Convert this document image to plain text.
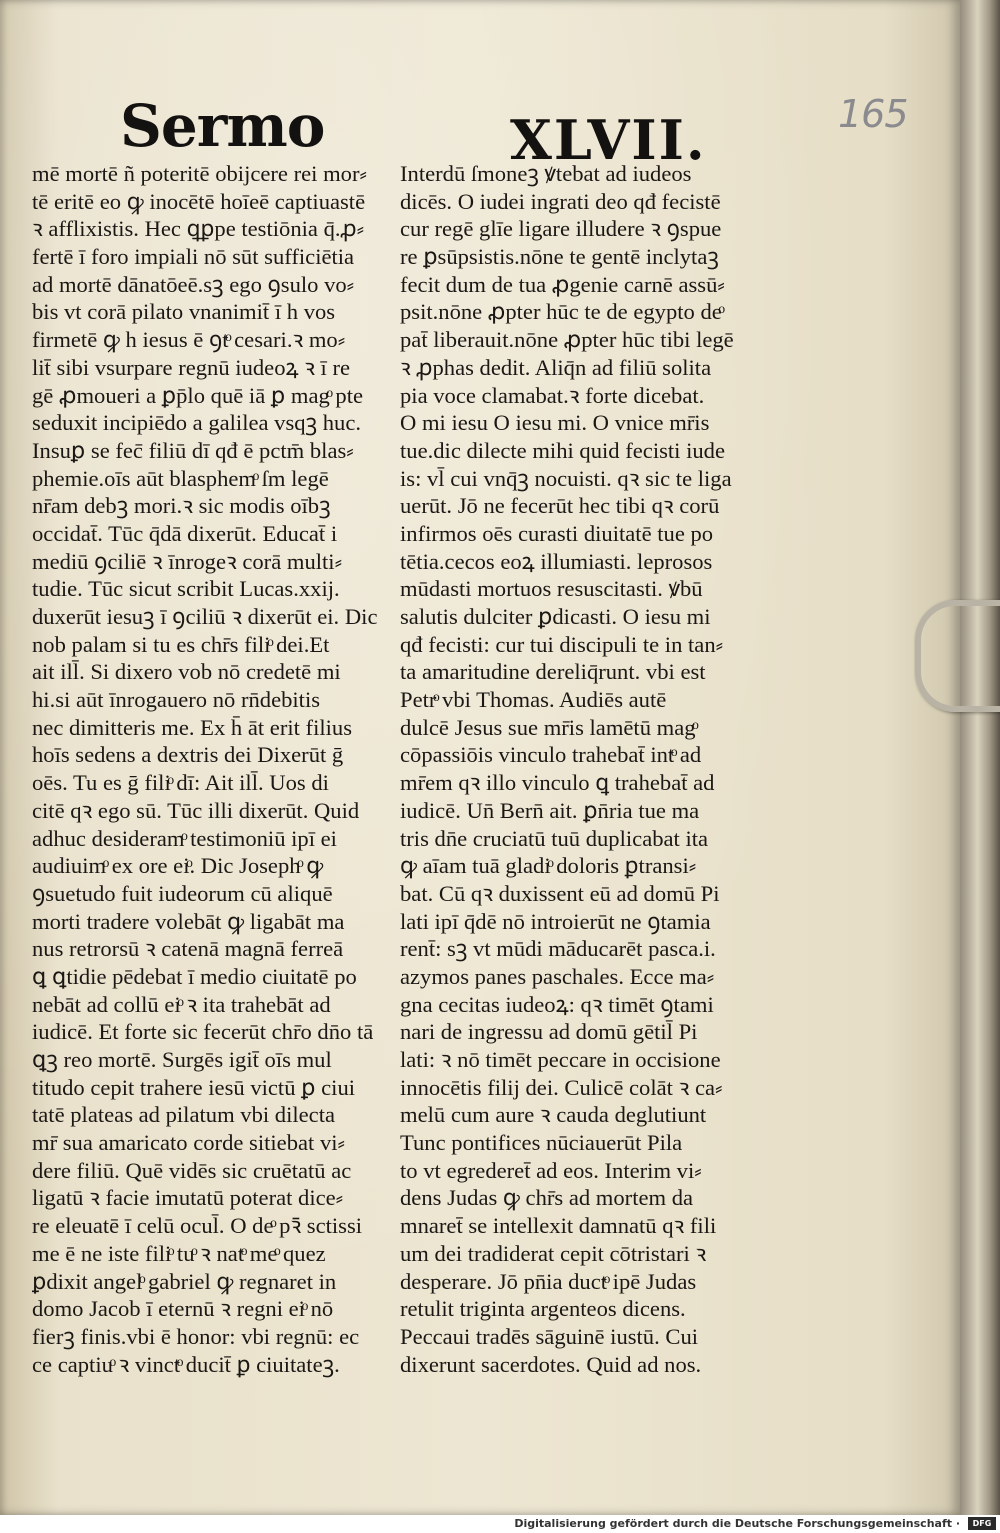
165
Sermo	XLVII.
mē mortē ñ poteritē obijcere rei mor⸗
tē eritē eo ꝙ inocētē hoīeē captiuastē
ꝛ afflixistis. Hec ꝗꝑpe testiōnia q̄.ꝓ⸗
fertē ī foro impiali nō sūt sufficiētia
ad mortē dānatōeē.sꝫ ego ꝯsulo vo⸗
bis vt corā pilato vnanimit̄ ī h vos
firmetē ꝙ h iesus ē ꝯtͦ cesari.ꝛ mo⸗
lit̄ sibi vsurpare regnū iudeoꝝ ꝛ ī re
gē ꝓmoueri a ꝑp̄lo quē iā ꝑ magͦ pte
seduxit incipiēdo a galilea vsqꝫ huc.
Insuꝑ se fec̄ filiū dī qđ ē pctm̄ blas⸗
phemie.oīs aūt blasphemͦ ſm legē
nr̄am debꝫ mori.ꝛ sic modis oībꝫ
occidat̄. Tūc q̄dā dixerūt. Educat̄ i
mediū ꝯciliē ꝛ īnrogeꝛ corā multi⸗
tudie. Tūc sicut scribit Lucas.xxij.
duxerūt iesuꝫ ī ꝯciliū ꝛ dixerūt ei. Dic
nob palam si tu es chr̄s filiͦ dei.Et
ait ill̄. Si dixero vob nō credetē mi
hi.si aūt īnrogauero nō rn̄debitis
nec dimitteris me. Ex h̄ āt erit filius
hoīs sedens a dextris dei Dixerūt ḡ
oēs. Tu es ḡ filiͦ dī: Ait ill̄. Uos di
citē qꝛ ego sū. Tūc illi dixerūt. Quid
adhuc desideramͦ testimoniū ipī ei
audiuimͦ ex ore eiͦ. Dic Josephͦ ꝙ
ꝯsuetudo fuit iudeorum cū aliquē
morti tradere volebāt ꝙ ligabāt ma
nus retrorsū ꝛ catenā magnā ferreā
ꝗ ꝗtidie pēdebat ī medio ciuitatē po
nebāt ad collū eiͦ ꝛ ita trahebāt ad
iudicē. Et forte sic fecerūt chr̄o dn̄o tā
ꝗꝫ reo mortē. Surgēs igit̄ oīs mul
titudo cepit trahere iesū victū ꝑ ciui
tatē plateas ad pilatum vbi dilecta
mr̄ sua amaricato corde sitiebat vi⸗
dere filiū. Quē vidēs sic cruētatū ac
ligatū ꝛ facie imutatū poterat dice⸗
re eleuatē ī celū ocul̄. O deͦ pꝛ̄ sctissi
me ē ne iste filiͦ tuͦ ꝛ natͦ meͦ quez
ꝑdixit angelͦ gabriel ꝙ regnaret in
domo Jacob ī eternū ꝛ regni eiͦ nō
fierꝫ finis.vbi ē honor: vbi regnū: ec
ce captiuͦ ꝛ vinctͦ ducit̄ ꝑ ciuitateꝫ.
Interdū ſmoneꝫ ꝟtebat ad iudeos
dicēs. O iudei ingrati deo qđ fecistē
cur regē glīe ligare illudere ꝛ ꝯspue
re ꝑsūpsistis.nōne te gentē inclytaꝫ
fecit dum de tua ꝓgenie carnē assū⸗
psit.nōne ꝓpter hūc te de egypto deͦ
pat̄ liberauit.nōne ꝓpter hūc tibi legē
ꝛ ꝓphas dedit. Aliq̄n ad filiū solita
pia voce clamabat.ꝛ forte dicebat.
O mi iesu O iesu mi. O vnice mr̄is
tue.dic dilecte mihi quid fecisti iude
is: vl̄ cui vnq̄ꝫ nocuisti. qꝛ sic te liga
uerūt. Jō ne fecerūt hec tibi qꝛ corū
infirmos oēs curasti diuitatē tue po
tētia.cecos eoꝝ illumiasti. leprosos
mūdasti mortuos resuscitasti. ꝟbū
salutis dulciter ꝑdicasti. O iesu mi
qđ fecisti: cur tui discipuli te in tan⸗
ta amaritudine dereliq̄runt. vbi est
Petrͦ vbi Thomas. Audiēs autē
dulcē Jesus sue mr̄is lamētū magͦ
cōpassiōis vinculo trahebat̄ intͦ ad
mr̄em qꝛ illo vinculo ꝗ trahebat̄ ad
iudicē. Un̄ Bern̄ ait. ꝑn̄ria tue ma
tris dn̄e cruciatū tuū duplicabat ita
ꝙ aīam tuā gladiͦ doloris ꝑtransi⸗
bat. Cū qꝛ duxissent eū ad domū Pi
lati ipī q̄dē nō introierūt ne ꝯtamia
rent̄: sꝫ vt mūdi māducarēt pasca.i.
azymos panes paschales. Ecce ma⸗
gna cecitas iudeoꝝ: qꝛ timēt ꝯtami
nari de ingressu ad domū gētil̄ Pi
lati: ꝛ nō timēt peccare in occisione
innocētis filij dei. Culicē colāt ꝛ ca⸗
melū cum aure ꝛ cauda deglutiunt
Tunc pontifices nūciauerūt Pila
to vt egrederet̄ ad eos. Interim vi⸗
dens Judas ꝙ chr̄s ad mortem da
mnaret̄ se intellexit damnatū qꝛ fili
um dei tradiderat cepit cōtristari ꝛ
desperare. Jō pn̄ia ductͦ ipē Judas
retulit triginta argenteos dicens.
Peccaui tradēs sāguinē iustū. Cui
dixerunt sacerdotes. Quid ad nos.
Digitalisierung gefördert durch die Deutsche Forschungsgemeinschaft ·	DFG
